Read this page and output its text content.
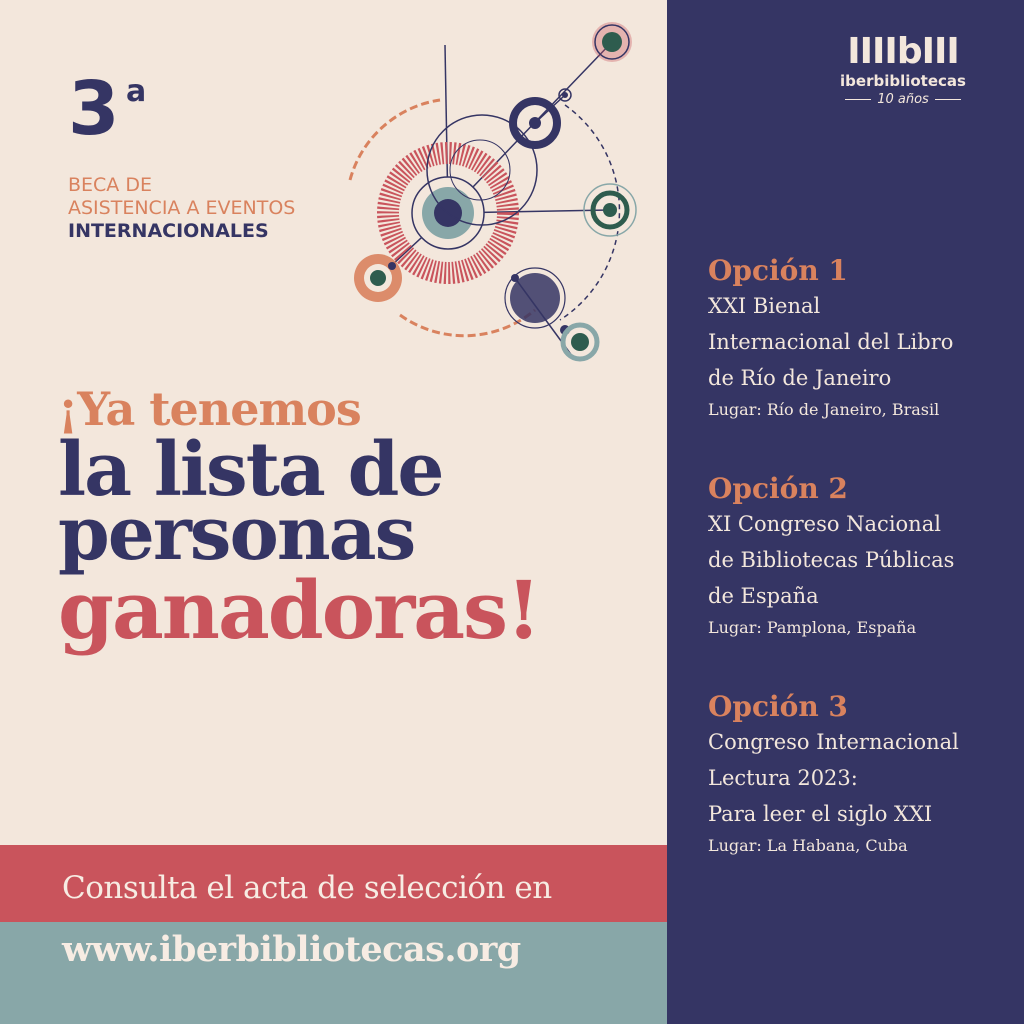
3 a
BECA DE
ASISTENCIA A EVENTOS
INTERNACIONALES
¡Ya tenemos
la lista de
personas
ganadoras!
Consulta el acta de selección en
www.iberbibliotecas.org
IIIIbIII
iberbibliotecas
10 años
Opción 1
XXI Bienal
Internacional del Libro
de Río de Janeiro
Lugar: Río de Janeiro, Brasil
Opción 2
XI Congreso Nacional
de Bibliotecas Públicas
de España
Lugar: Pamplona, España
Opción 3
Congreso Internacional
Lectura 2023:
Para leer el siglo XXI
Lugar: La Habana, Cuba
